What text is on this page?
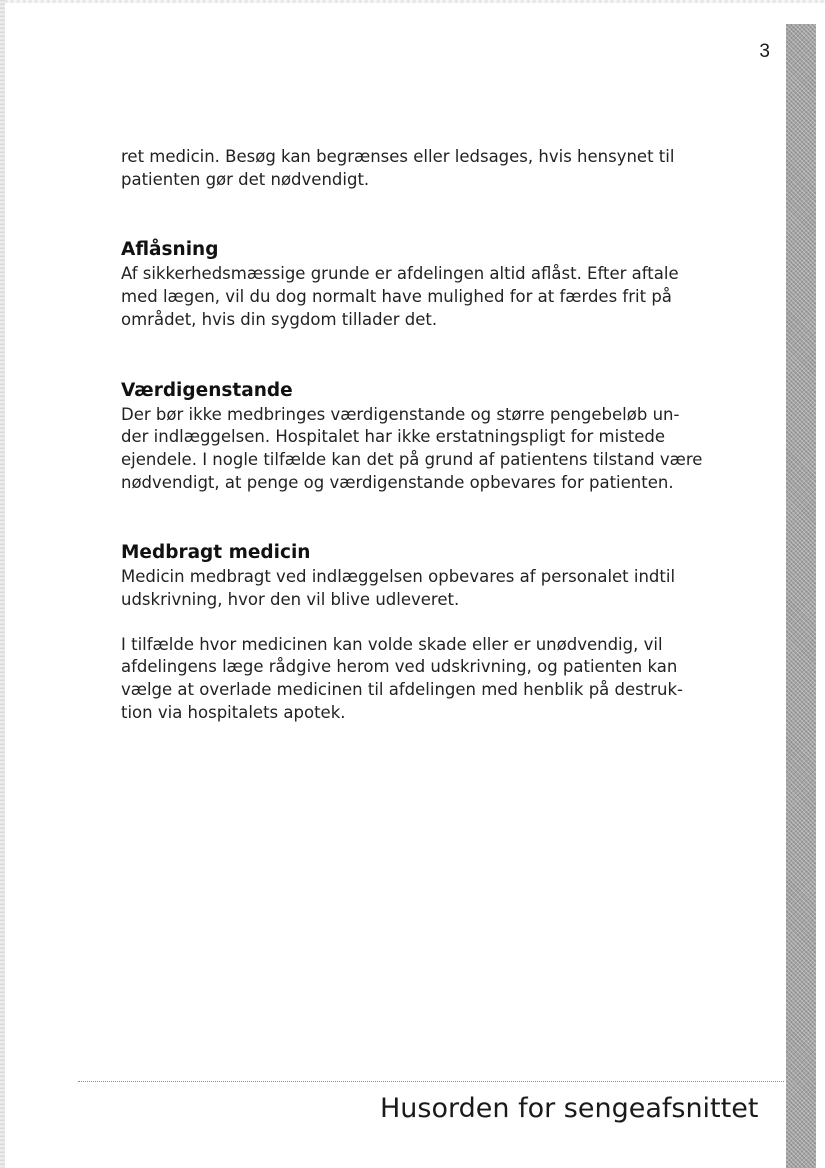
3
ret medicin. Besøg kan begrænses eller ledsages, hvis hensynet til
patienten gør det nødvendigt.
Aflåsning
Af sikkerhedsmæssige grunde er afdelingen altid aflåst. Efter aftale
med lægen, vil du dog normalt have mulighed for at færdes frit på
området, hvis din sygdom tillader det.
Værdigenstande
Der bør ikke medbringes værdigenstande og større pengebeløb un-
der indlæggelsen. Hospitalet har ikke erstatningspligt for mistede
ejendele. I nogle tilfælde kan det på grund af patientens tilstand være
nødvendigt, at penge og værdigenstande opbevares for patienten.
Medbragt medicin
Medicin medbragt ved indlæggelsen opbevares af personalet indtil
udskrivning, hvor den vil blive udleveret.
I tilfælde hvor medicinen kan volde skade eller er unødvendig, vil
afdelingens læge rådgive herom ved udskrivning, og patienten kan
vælge at overlade medicinen til afdelingen med henblik på destruk-
tion via hospitalets apotek.
Husorden for sengeafsnittet
